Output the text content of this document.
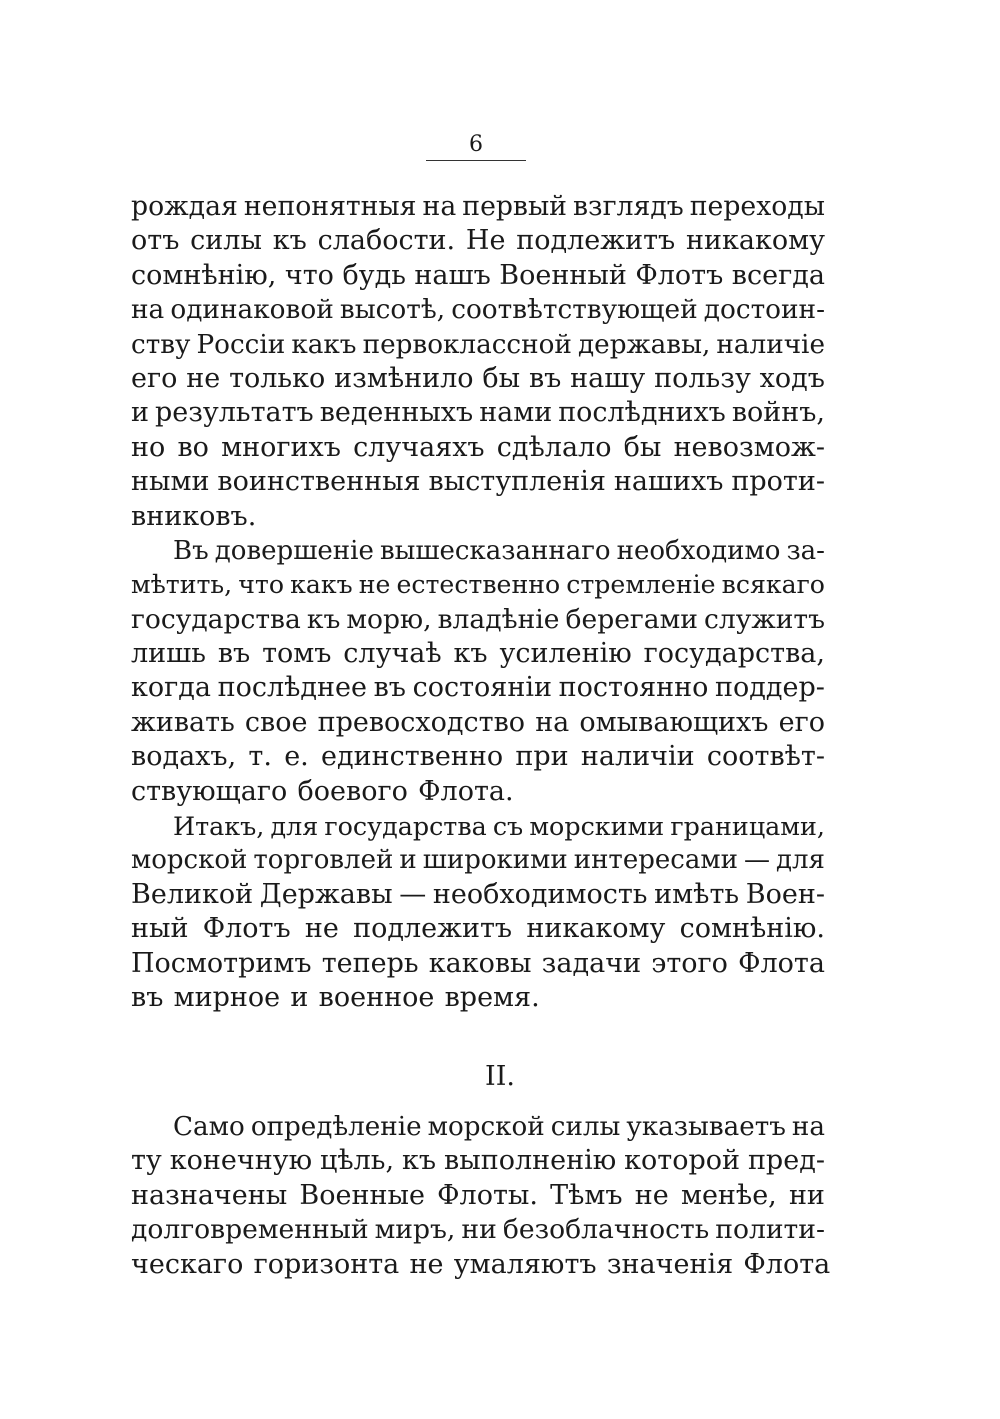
6
рождая непонятныя на первый взглядъ переходы
отъ силы къ слабости. Не подлежитъ никакому
сомнѣнію, что будь нашъ Военный Флотъ всегда
на одинаковой высотѣ, соотвѣтствующей достоин-
ству Россіи какъ первоклассной державы, наличіе
его не только измѣнило бы въ нашу пользу ходъ
и результатъ веденныхъ нами послѣднихъ войнъ,
но во многихъ случаяхъ сдѣлало бы невозмож-
ными воинственныя выступленія нашихъ проти-
вниковъ.
Въ довершеніе вышесказаннаго необходимо за-
мѣтить, что какъ не естественно стремленіе всякаго
государства къ морю, владѣніе берегами служитъ
лишь въ томъ случаѣ къ усиленію государства,
когда послѣднее въ состояніи постоянно поддер-
живать свое превосходство на омывающихъ его
водахъ, т. е. единственно при наличіи соотвѣт-
ствующаго боевого Флота.
Итакъ, для государства съ морскими границами,
морской торговлей и широкими интересами — для
Великой Державы — необходимость имѣть Воен-
ный Флотъ не подлежитъ никакому сомнѣнію.
Посмотримъ теперь каковы задачи этого Флота
въ мирное и военное время.
II.
Само опредѣленіе морской силы указываетъ на
ту конечную цѣль, къ выполненію которой пред-
назначены Военные Флоты. Тѣмъ не менѣе, ни
долговременный миръ, ни безоблачность полити-
ческаго горизонта не умаляютъ значенія Флота
